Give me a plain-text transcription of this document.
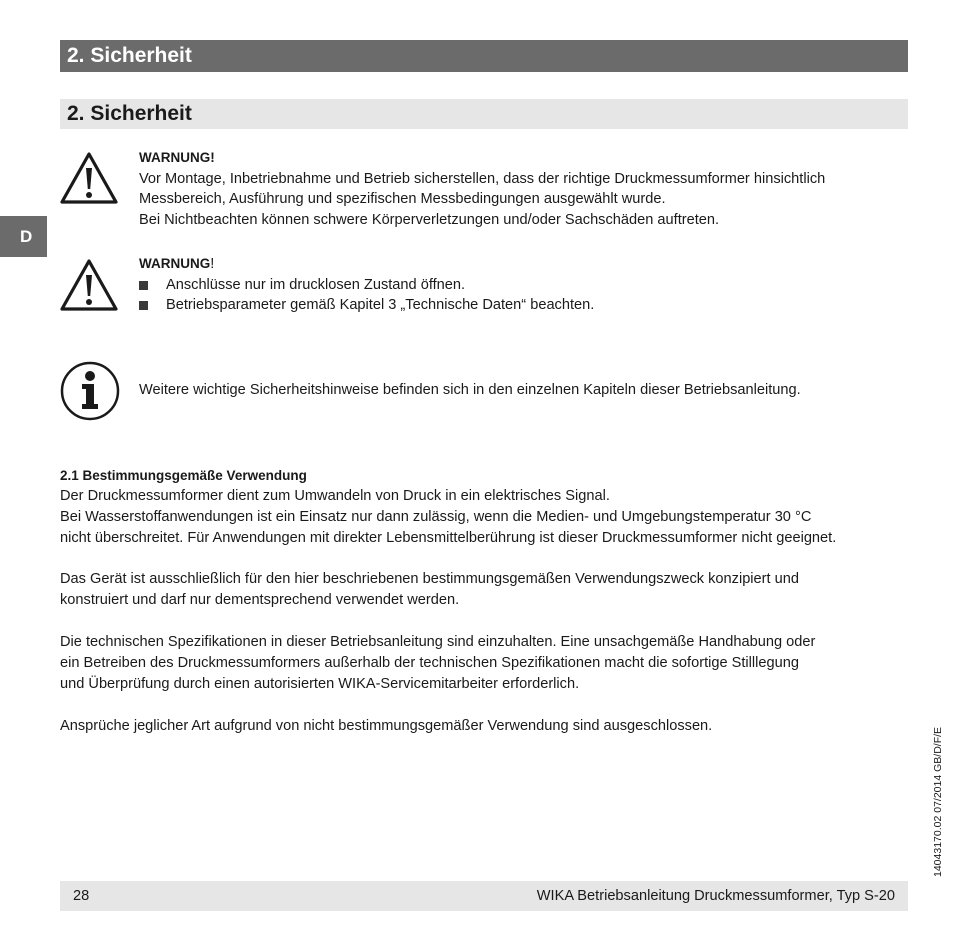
2. Sicherheit
2. Sicherheit
D
WARNUNG!
Vor Montage, Inbetriebnahme und Betrieb sicherstellen, dass der richtige Druckmessumformer hinsichtlich
Messbereich, Ausführung und spezifischen Messbedingungen ausgewählt wurde.
Bei Nichtbeachten können schwere Körperverletzungen und/oder Sachschäden auftreten.
WARNUNG!
Anschlüsse nur im drucklosen Zustand öffnen.
Betriebsparameter gemäß Kapitel 3 „Technische Daten“ beachten.
Weitere wichtige Sicherheitshinweise befinden sich in den einzelnen Kapiteln dieser Betriebsanleitung.
2.1 Bestimmungsgemäße Verwendung
Der Druckmessumformer dient zum Umwandeln von Druck in ein elektrisches Signal.
Bei Wasserstoffanwendungen ist ein Einsatz nur dann zulässig, wenn die Medien- und Umgebungstemperatur 30 °C
nicht überschreitet. Für Anwendungen mit direkter Lebensmittelberührung ist dieser Druckmessumformer nicht geeignet.
Das Gerät ist ausschließlich für den hier beschriebenen bestimmungsgemäßen Verwendungszweck konzipiert und
konstruiert und darf nur dementsprechend verwendet werden.
Die technischen Spezifikationen in dieser Betriebsanleitung sind einzuhalten. Eine unsachgemäße Handhabung oder
ein Betreiben des Druckmessumformers außerhalb der technischen Spezifikationen macht die sofortige Stilllegung
und Überprüfung durch einen autorisierten WIKA-Servicemitarbeiter erforderlich.
Ansprüche jeglicher Art aufgrund von nicht bestimmungsgemäßer Verwendung sind ausgeschlossen.
14043170.02 07/2014 GB/D/F/E
28	WIKA Betriebsanleitung Druckmessumformer, Typ S-20
